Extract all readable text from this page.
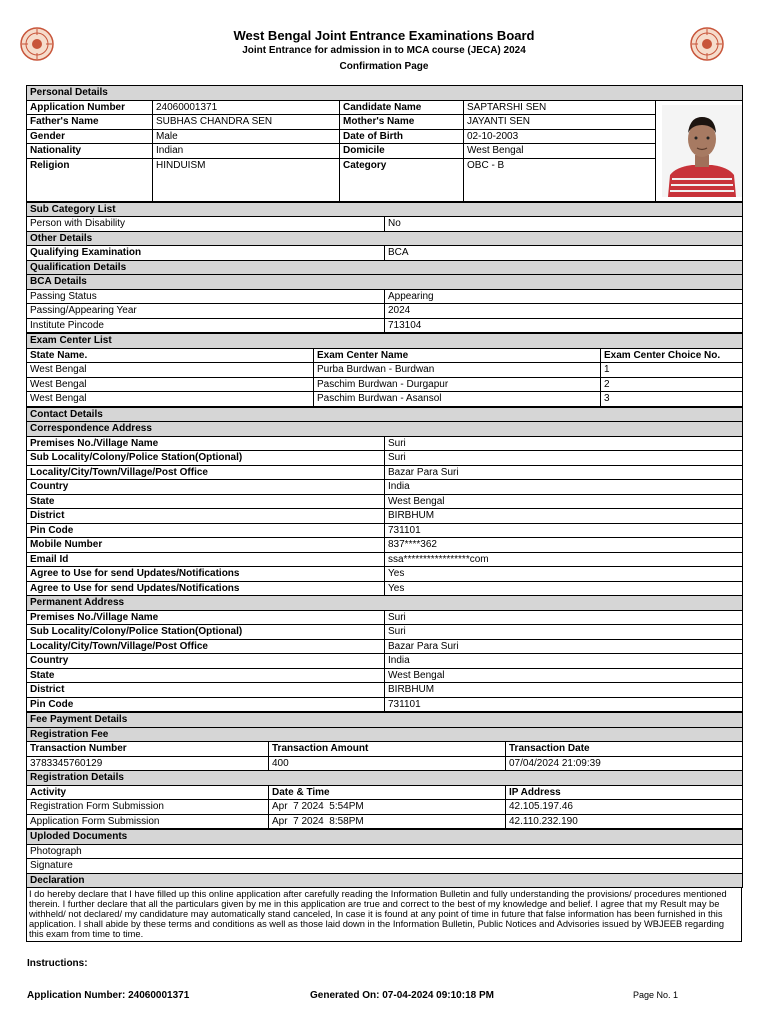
West Bengal Joint Entrance Examinations Board
Joint Entrance for admission in to MCA course (JECA) 2024
Confirmation Page
Personal Details				
Application Number	24060001371	Candidate Name	SAPTARSHI SEN	

Father's Name	SUBHAS CHANDRA SEN	Mother's Name	JAYANTI SEN	
Gender	Male	Date of Birth	02-10-2003	
Nationality	Indian	Domicile	West Bengal	
Religion	HINDUISM	Category	OBC - B	
Sub Category List	
Person with Disability	No
Other Details	
Qualifying Examination	BCA
Qualification Details	
BCA Details	
Passing Status	Appearing
Passing/Appearing Year	2024
Institute Pincode	713104
Exam Center List		
State Name.	Exam Center Name	Exam Center Choice No.
West Bengal	Purba Burdwan - Burdwan	1
West Bengal	Paschim Burdwan - Durgapur	2
West Bengal	Paschim Burdwan - Asansol	3
Contact Details	
Correspondence Address	
Premises No./Village Name	Suri
Sub Locality/Colony/Police Station(Optional)	Suri
Locality/City/Town/Village/Post Office	Bazar Para Suri
Country	India
State	West Bengal
District	BIRBHUM
Pin Code	731101
Mobile Number	837****362
Email Id	ssa*****************com
Agree to Use for send Updates/Notifications	Yes
Agree to Use for send Updates/Notifications	Yes
Permanent Address	
Premises No./Village Name	Suri
Sub Locality/Colony/Police Station(Optional)	Suri
Locality/City/Town/Village/Post Office	Bazar Para Suri
Country	India
State	West Bengal
District	BIRBHUM
Pin Code	731101
Fee Payment Details		
Registration Fee		
Transaction Number	Transaction Amount	Transaction Date
3783345760129	400	07/04/2024 21:09:39
Registration Details		
Activity	Date & Time	IP Address
Registration Form Submission	Apr  7 2024  5:54PM	42.105.197.46
Application Form Submission	Apr  7 2024  8:58PM	42.110.232.190
Uploded Documents
Photograph
Signature
Declaration
I do hereby declare that I have filled up this online application after carefully reading the Information Bulletin and fully understanding the provisions/ procedures mentioned therein. I further declare that all the particulars given by me in this application are true and correct to the best of my knowledge and belief. I agree that my Result may be withheld/ not declared/ my candidature may automatically stand canceled, In case it is found at any point of time in future that false information has been furnished in this application. I shall abide by these terms and conditions as well as those laid down in the Information Bulletin, Public Notices and Advisories issued by WBJEEB regarding this exam from time to time.
Instructions:
Application Number: 24060001371	Generated On: 07-04-2024 09:10:18 PM	Page No. 1
